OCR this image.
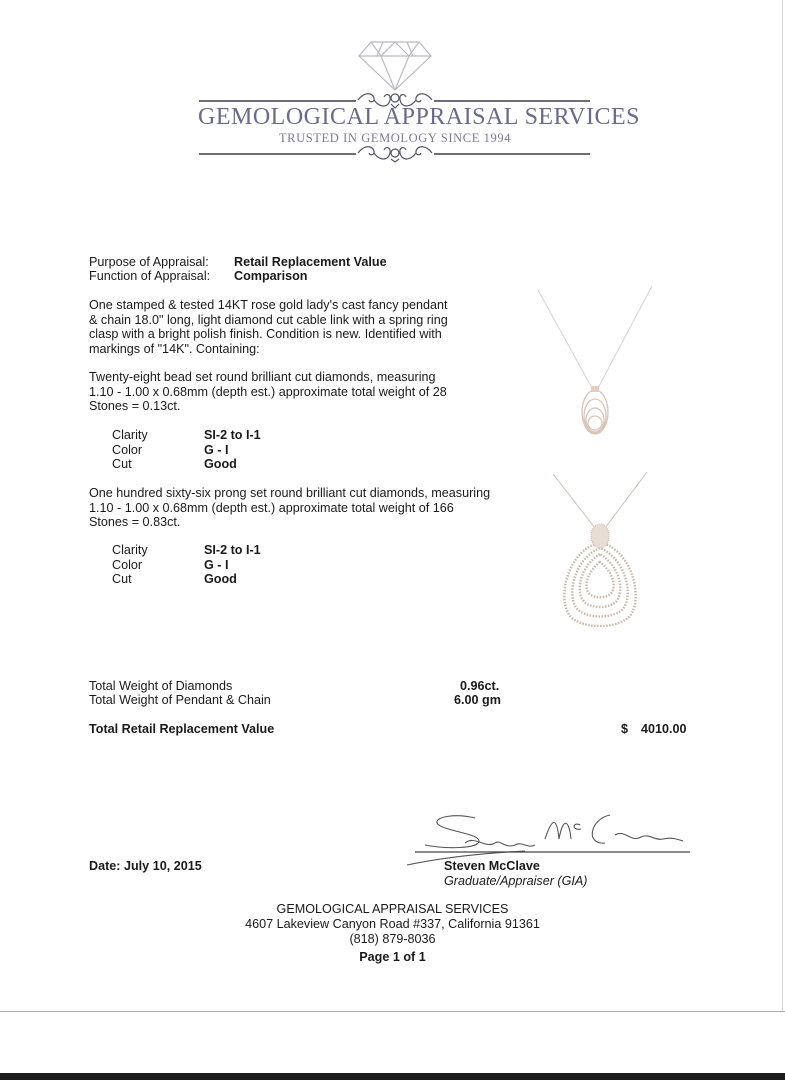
GEMOLOGICAL APPRAISAL SERVICES
TRUSTED IN GEMOLOGY SINCE 1994
Purpose of Appraisal: Retail Replacement Value
Function of Appraisal: Comparison
One stamped & tested 14KT rose gold lady's cast fancy pendant
& chain 18.0" long, light diamond cut cable link with a spring ring
clasp with a bright polish finish. Condition is new. Identified with
markings of "14K". Containing:
Twenty-eight bead set round brilliant cut diamonds, measuring
1.10 - 1.00 x 0.68mm (depth est.) approximate total weight of 28
Stones = 0.13ct.
Clarity	SI-2 to I-1
Color	G - I
Cut	Good
One hundred sixty-six prong set round brilliant cut diamonds, measuring
1.10 - 1.00 x 0.68mm (depth est.) approximate total weight of 166
Stones = 0.83ct.
Clarity	SI-2 to I-1
Color	G - I
Cut	Good
Total Weight of Diamonds	0.96ct.
Total Weight of Pendant & Chain	6.00 gm
Total Retail Replacement Value	$ 4010.00
Date: July 10, 2015	Steven McClave
Graduate/Appraiser (GIA)
GEMOLOGICAL APPRAISAL SERVICES
4607 Lakeview Canyon Road #337, California 91361
(818) 879-8036
Page 1 of 1
